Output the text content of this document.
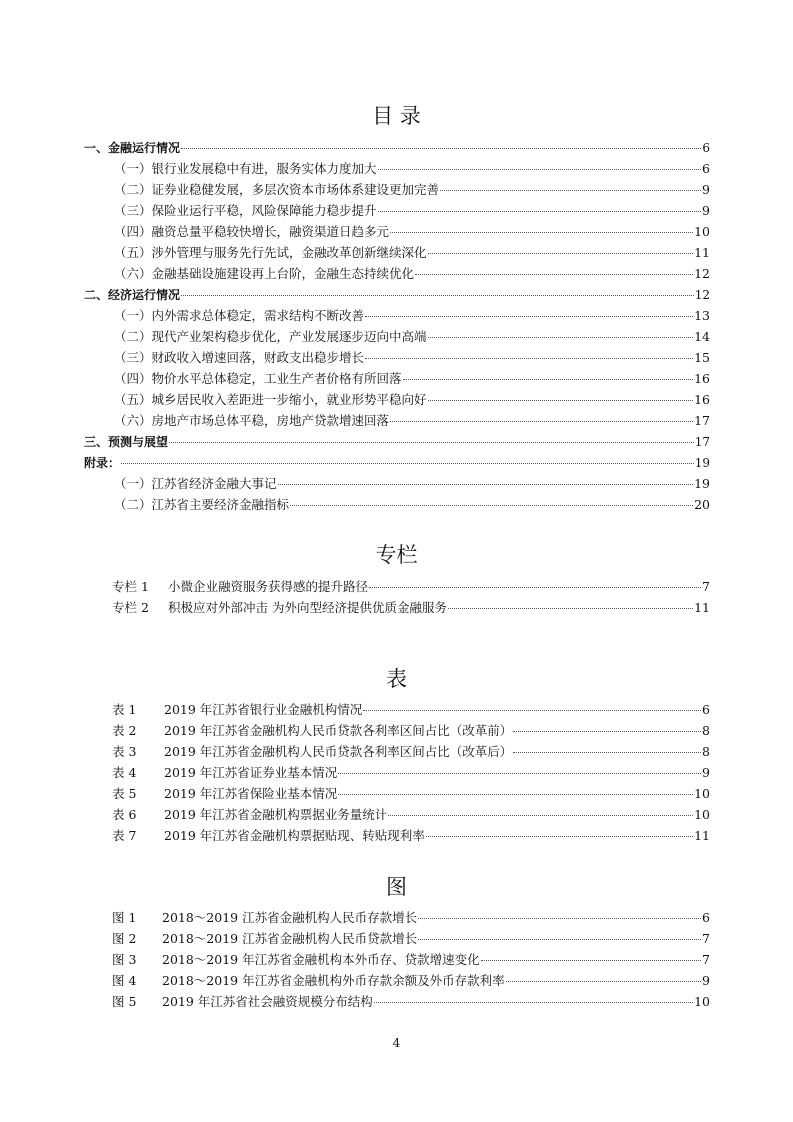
目 录
一、金融运行情况	6
（一）银行业发展稳中有进，服务实体力度加大	6
（二）证券业稳健发展，多层次资本市场体系建设更加完善	9
（三）保险业运行平稳，风险保障能力稳步提升	9
（四）融资总量平稳较快增长，融资渠道日趋多元	10
（五）涉外管理与服务先行先试，金融改革创新继续深化	11
（六）金融基础设施建设再上台阶，金融生态持续优化	12
二、经济运行情况	12
（一）内外需求总体稳定，需求结构不断改善	13
（二）现代产业架构稳步优化，产业发展逐步迈向中高端	14
（三）财政收入增速回落，财政支出稳步增长	15
（四）物价水平总体稳定，工业生产者价格有所回落	16
（五）城乡居民收入差距进一步缩小，就业形势平稳向好	16
（六）房地产市场总体平稳，房地产贷款增速回落	17
三、预测与展望	17
附录：	19
（一）江苏省经济金融大事记	19
（二）江苏省主要经济金融指标	20
专栏
专栏 1	小微企业融资服务获得感的提升路径	7
专栏 2	积极应对外部冲击 为外向型经济提供优质金融服务	11
表
表 1	2019 年江苏省银行业金融机构情况	6
表 2	2019 年江苏省金融机构人民币贷款各利率区间占比（改革前）	8
表 3	2019 年江苏省金融机构人民币贷款各利率区间占比（改革后）	8
表 4	2019 年江苏省证券业基本情况	9
表 5	2019 年江苏省保险业基本情况	10
表 6	2019 年江苏省金融机构票据业务量统计	10
表 7	2019 年江苏省金融机构票据贴现、转贴现利率	11
图
图 1	2018～2019 江苏省金融机构人民币存款增长	6
图 2	2018～2019 江苏省金融机构人民币贷款增长	7
图 3	2018～2019 年江苏省金融机构本外币存、贷款增速变化	7
图 4	2018～2019 年江苏省金融机构外币存款余额及外币存款利率	9
图 5	2019 年江苏省社会融资规模分布结构	10
4
